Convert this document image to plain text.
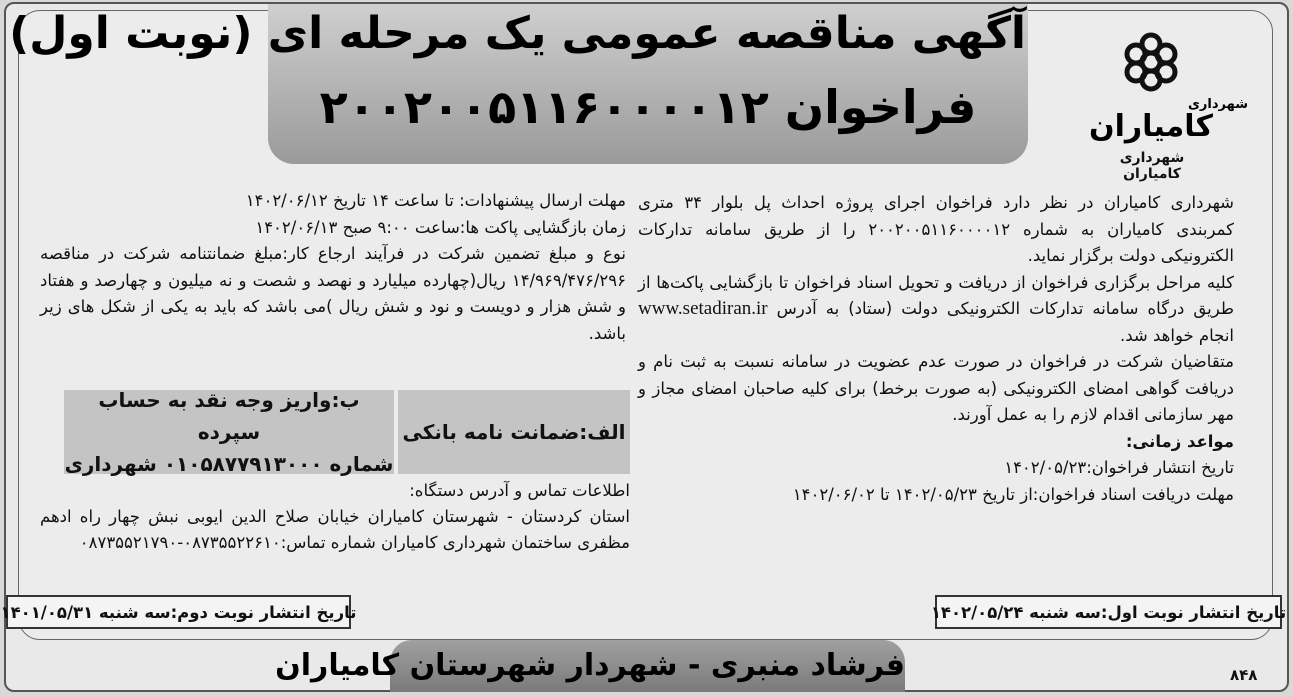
آگهی مناقصه عمومی یک مرحله ای (نوبت اول)
فراخوان ۲۰۰۲۰۰۵۱۱۶۰۰۰۰۱۲	شهرداری
کامیاران
شهرداری کامیاران

شهرداری کامیاران در نظر دارد فراخوان اجرای پروژه احداث پل بلوار ۳۴ متری کمربندی کامیاران به شماره ۲۰۰۲۰۰۵۱۱۶۰۰۰۰۱۲ را از طریق سامانه تدارکات الکترونیکی دولت برگزار نماید.

کلیه مراحل برگزاری فراخوان از دریافت و تحویل اسناد فراخوان تا بازگشایی پاکت‌ها از طریق درگاه سامانه تدارکات الکترونیکی دولت (ستاد) به آدرس www.setadiran.ir انجام خواهد شد.

متقاضیان شرکت در فراخوان در صورت عدم عضویت در سامانه نسبت به ثبت نام و دریافت گواهی امضای الکترونیکی (به صورت برخط) برای کلیه صاحبان امضای مجاز و مهر سازمانی اقدام لازم را به عمل آورند.

مواعد زمانی:

تاریخ انتشار فراخوان:۱۴۰۲/۰۵/۲۳

مهلت دریافت اسناد فراخوان:از تاریخ ۱۴۰۲/۰۵/۲۳ تا ۱۴۰۲/۰۶/۰۲

مهلت ارسال پیشنهادات: تا ساعت ۱۴ تاریخ ۱۴۰۲/۰۶/۱۲

زمان بازگشایی پاکت ها:ساعت ۹:۰۰ صبح ۱۴۰۲/۰۶/۱۳

نوع و مبلغ تضمین شرکت در فرآیند ارجاع کار:مبلغ ضمانتنامه شرکت در مناقصه ۱۴/۹۶۹/۴۷۶/۲۹۶ ریال(چهارده میلیارد و نهصد و شصت و نه میلیون و چهارصد و هفتاد و شش هزار و دویست و نود و شش ریال )می باشد که باید به یکی از شکل های زیر باشد.

الف:ضمانت نامه بانکی
ب:واریز وجه نقد به حساب سپرده
شماره ۰۱۰۵۸۷۷۹۱۳۰۰۰ شهرداری

اطلاعات تماس و آدرس دستگاه:

استان کردستان - شهرستان کامیاران خیابان صلاح الدین ایوبی نبش چهار راه ادهم مظفری ساختمان شهرداری کامیاران شماره تماس:۰۸۷۳۵۵۲۲۶۱۰-۰۸۷۳۵۵۲۱۷۹۰

تاریخ انتشار نوبت اول:سه شنبه ۱۴۰۲/۰۵/۲۴
تاریخ انتشار نوبت دوم:سه شنبه ۱۴۰۱/۰۵/۳۱
فرشاد منبری - شهردار شهرستان کامیاران	۸۴۸
